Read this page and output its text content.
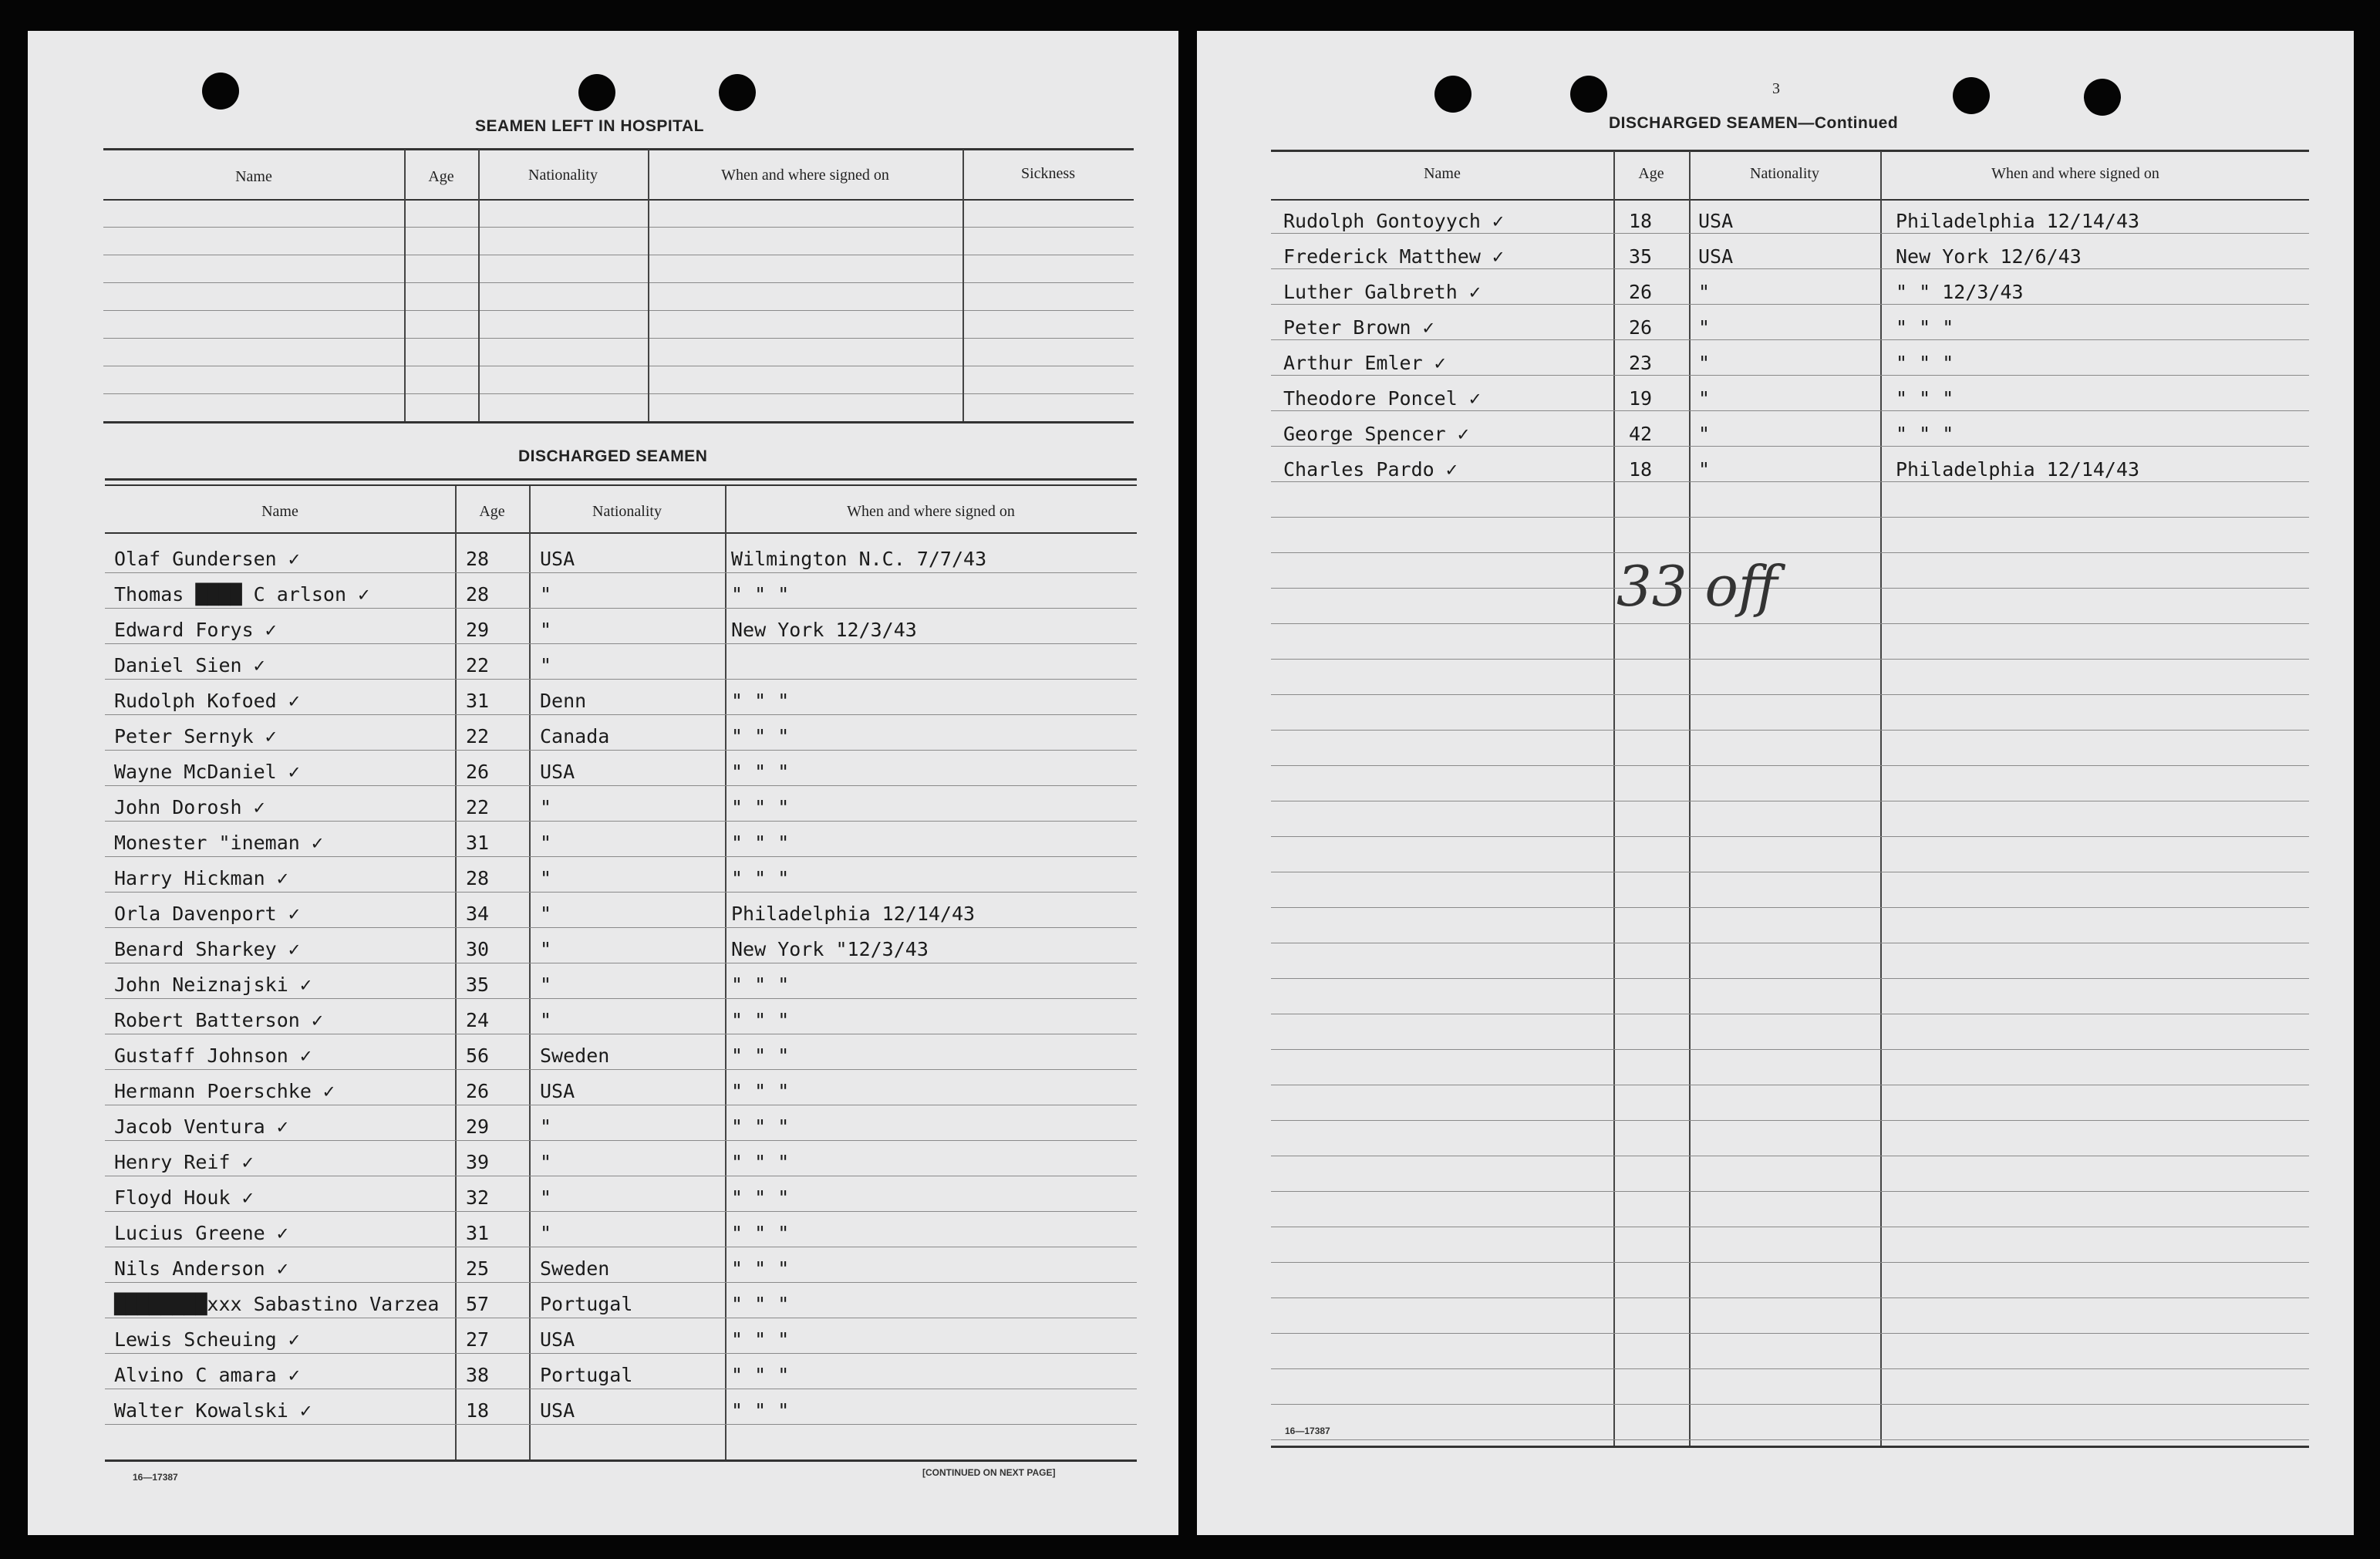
SEAMEN LEFT IN HOSPITAL
Name	Age	Nationality	When and where signed on	Sickness
DISCHARGED SEAMEN
Name	Age	Nationality	When and where signed on
Olaf Gundersen ✓	28	USA	Wilmington N.C. 7/7/43
Thomas ████ C arlson ✓	28	"	" " "
Edward Forys ✓	29	"	New York 12/3/43
Daniel Sien ✓	22	"
Rudolph Kofoed ✓	31	Denn	" " "
Peter Sernyk ✓	22	Canada	" " "
Wayne McDaniel ✓	26	USA	" " "
John Dorosh ✓	22	"	" " "
Monester "ineman ✓	31	"	" " "
Harry Hickman ✓	28	"	" " "
Orla Davenport ✓	34	"	Philadelphia 12/14/43
Benard Sharkey ✓	30	"	New York "12/3/43
John Neiznajski ✓	35	"	" " "
Robert Batterson ✓	24	"	" " "
Gustaff Johnson ✓	56	Sweden	" " "
Hermann Poerschke ✓	26	USA	" " "
Jacob Ventura ✓	29	"	" " "
Henry Reif ✓	39	"	" " "
Floyd Houk ✓	32	"	" " "
Lucius Greene ✓	31	"	" " "
Nils Anderson ✓	25	Sweden	" " "
████████xxx Sabastino Varzea 57	Portugal	" " "
Lewis Scheuing ✓	27	USA	" " "
Alvino C amara ✓	38	Portugal	" " "
Walter Kowalski ✓	18	USA	" " "
16—17387	[CONTINUED ON NEXT PAGE]
3
DISCHARGED SEAMEN—Continued
Name	Age	Nationality	When and where signed on
Rudolph Gontoyych ✓	18 USA	Philadelphia 12/14/43
Frederick Matthew ✓	35 USA	New York 12/6/43
Luther Galbreth ✓	26 "	" " 12/3/43
Peter Brown ✓	26 "	" " "
Arthur Emler ✓	23 "	" " "
Theodore Poncel ✓	19 "	" " "
George Spencer ✓	42 "	" " "
Charles Pardo ✓	18 "	Philadelphia 12/14/43
33 off
16—17387
